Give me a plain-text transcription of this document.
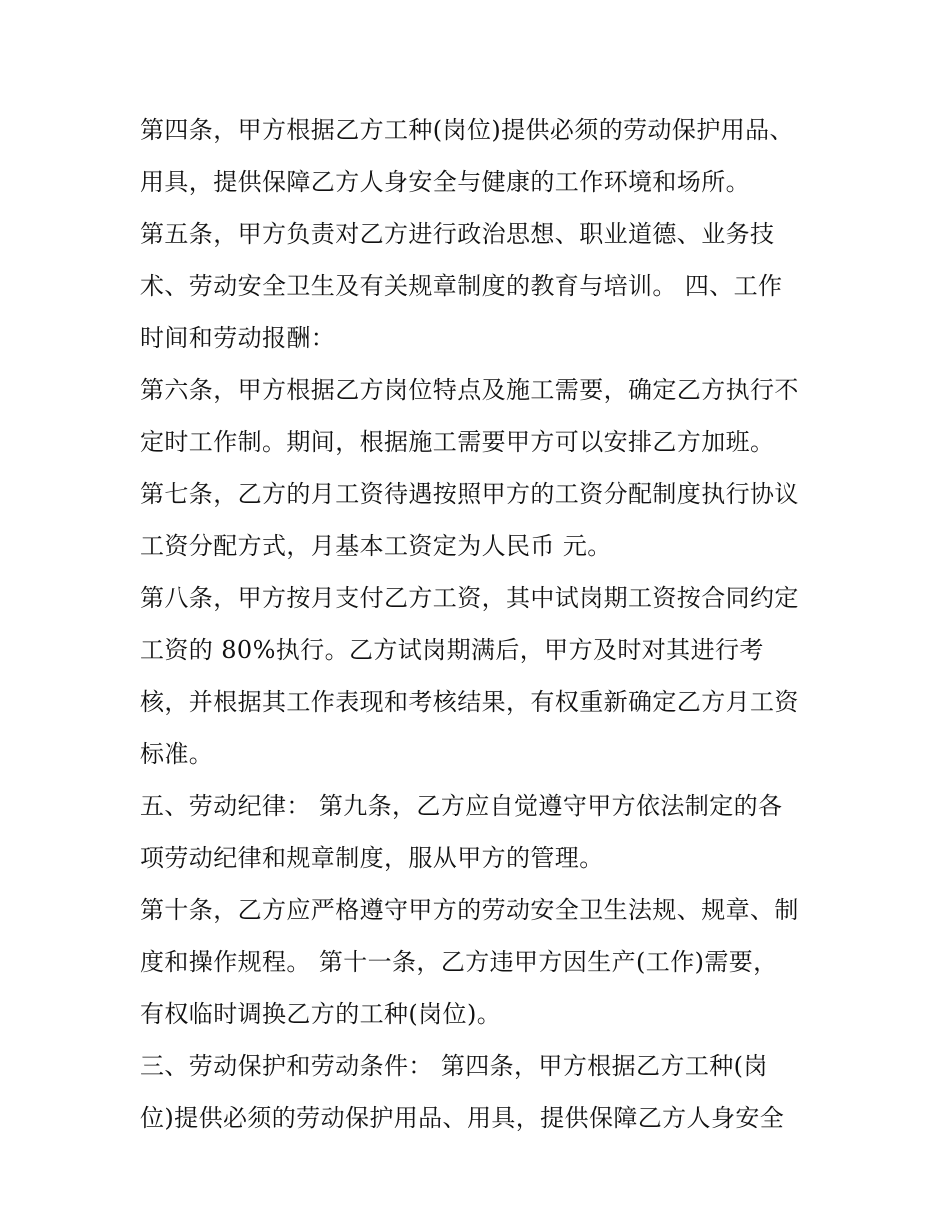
第四条，甲方根据乙方工种(岗位)提供必须的劳动保护用品、
用具，提供保障乙方人身安全与健康的工作环境和场所。
第五条，甲方负责对乙方进行政治思想、职业道德、业务技
术、劳动安全卫生及有关规章制度的教育与培训。 四、工作
时间和劳动报酬：
第六条，甲方根据乙方岗位特点及施工需要，确定乙方执行不
定时工作制。期间，根据施工需要甲方可以安排乙方加班。
第七条，乙方的月工资待遇按照甲方的工资分配制度执行协议
工资分配方式，月基本工资定为人民币 元。
第八条，甲方按月支付乙方工资，其中试岗期工资按合同约定
工资的 80%执行。乙方试岗期满后，甲方及时对其进行考
核，并根据其工作表现和考核结果，有权重新确定乙方月工资
标准。
五、劳动纪律： 第九条，乙方应自觉遵守甲方依法制定的各
项劳动纪律和规章制度，服从甲方的管理。
第十条，乙方应严格遵守甲方的劳动安全卫生法规、规章、制
度和操作规程。 第十一条，乙方违甲方因生产(工作)需要，
有权临时调换乙方的工种(岗位)。
三、劳动保护和劳动条件： 第四条，甲方根据乙方工种(岗
位)提供必须的劳动保护用品、用具，提供保障乙方人身安全
